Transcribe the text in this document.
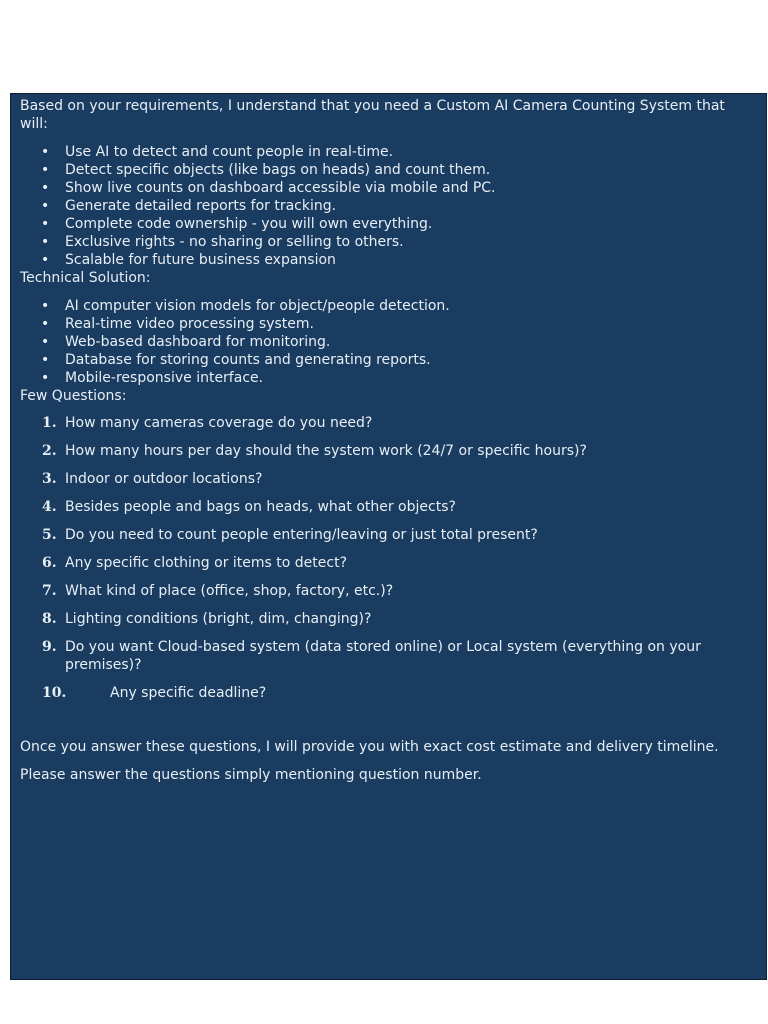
Based on your requirements, I understand that you need a Custom AI Camera Counting System that will:

• Use AI to detect and count people in real-time.
• Detect specific objects (like bags on heads) and count them.
• Show live counts on dashboard accessible via mobile and PC.
• Generate detailed reports for tracking.
• Complete code ownership - you will own everything.
• Exclusive rights - no sharing or selling to others.
• Scalable for future business expansion

Technical Solution:

• AI computer vision models for object/people detection.
• Real-time video processing system.
• Web-based dashboard for monitoring.
• Database for storing counts and generating reports.
• Mobile-responsive interface.

Few Questions:

1. How many cameras coverage do you need?
2. How many hours per day should the system work (24/7 or specific hours)?
3. Indoor or outdoor locations?
4. Besides people and bags on heads, what other objects?
5. Do you need to count people entering/leaving or just total present?
6. Any specific clothing or items to detect?
7. What kind of place (office, shop, factory, etc.)?
8. Lighting conditions (bright, dim, changing)?
9. Do you want Cloud-based system (data stored online) or Local system (everything on your premises)?
10.	Any specific deadline?

Once you answer these questions, I will provide you with exact cost estimate and delivery timeline.

Please answer the questions simply mentioning question number.
